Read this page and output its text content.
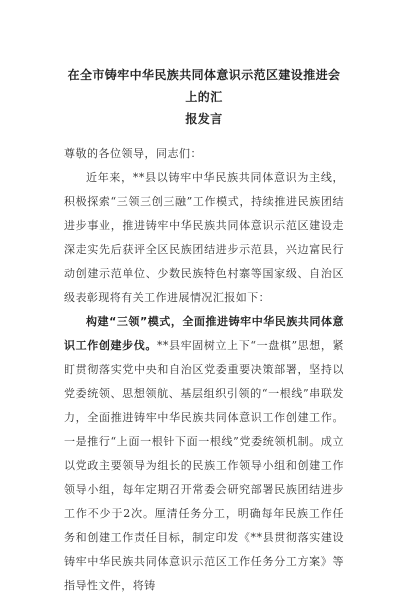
在全市铸牢中华民族共同体意识示范区建设推进会上的汇
报发言

尊敬的各位领导，同志们：

近年来，**县以铸牢中华民族共同体意识为主线，积极探索“三领三创三融”工作模式，持续推进民族团结进步事业，推进铸牢中华民族共同体意识示范区建设走深走实先后获评全区民族团结进步示范县，兴边富民行动创建示范单位、少数民族特色村寨等国家级、自治区级表彰现将有关工作进展情况汇报如下：

构建“三领”模式，全面推进铸牢中华民族共同体意识工作创建步伐。**县牢固树立上下“一盘棋”思想，紧盯贯彻落实党中央和自治区党委重要决策部署，坚持以党委统领、思想领航、基层组织引领的“一根线”串联发力，全面推进铸牢中华民族共同体意识工作创建工作。一是推行“上面一根针下面一根线”党委统领机制。成立以党政主要领导为组长的民族工作领导小组和创建工作领导小组，每年定期召开常委会研究部署民族团结进步工作不少于2次。厘清任务分工，明确每年民族工作任务和创建工作责任目标，制定印发《**县贯彻落实建设铸牢中华民族共同体意识示范区工作任务分工方案》等指导性文件，将铸
